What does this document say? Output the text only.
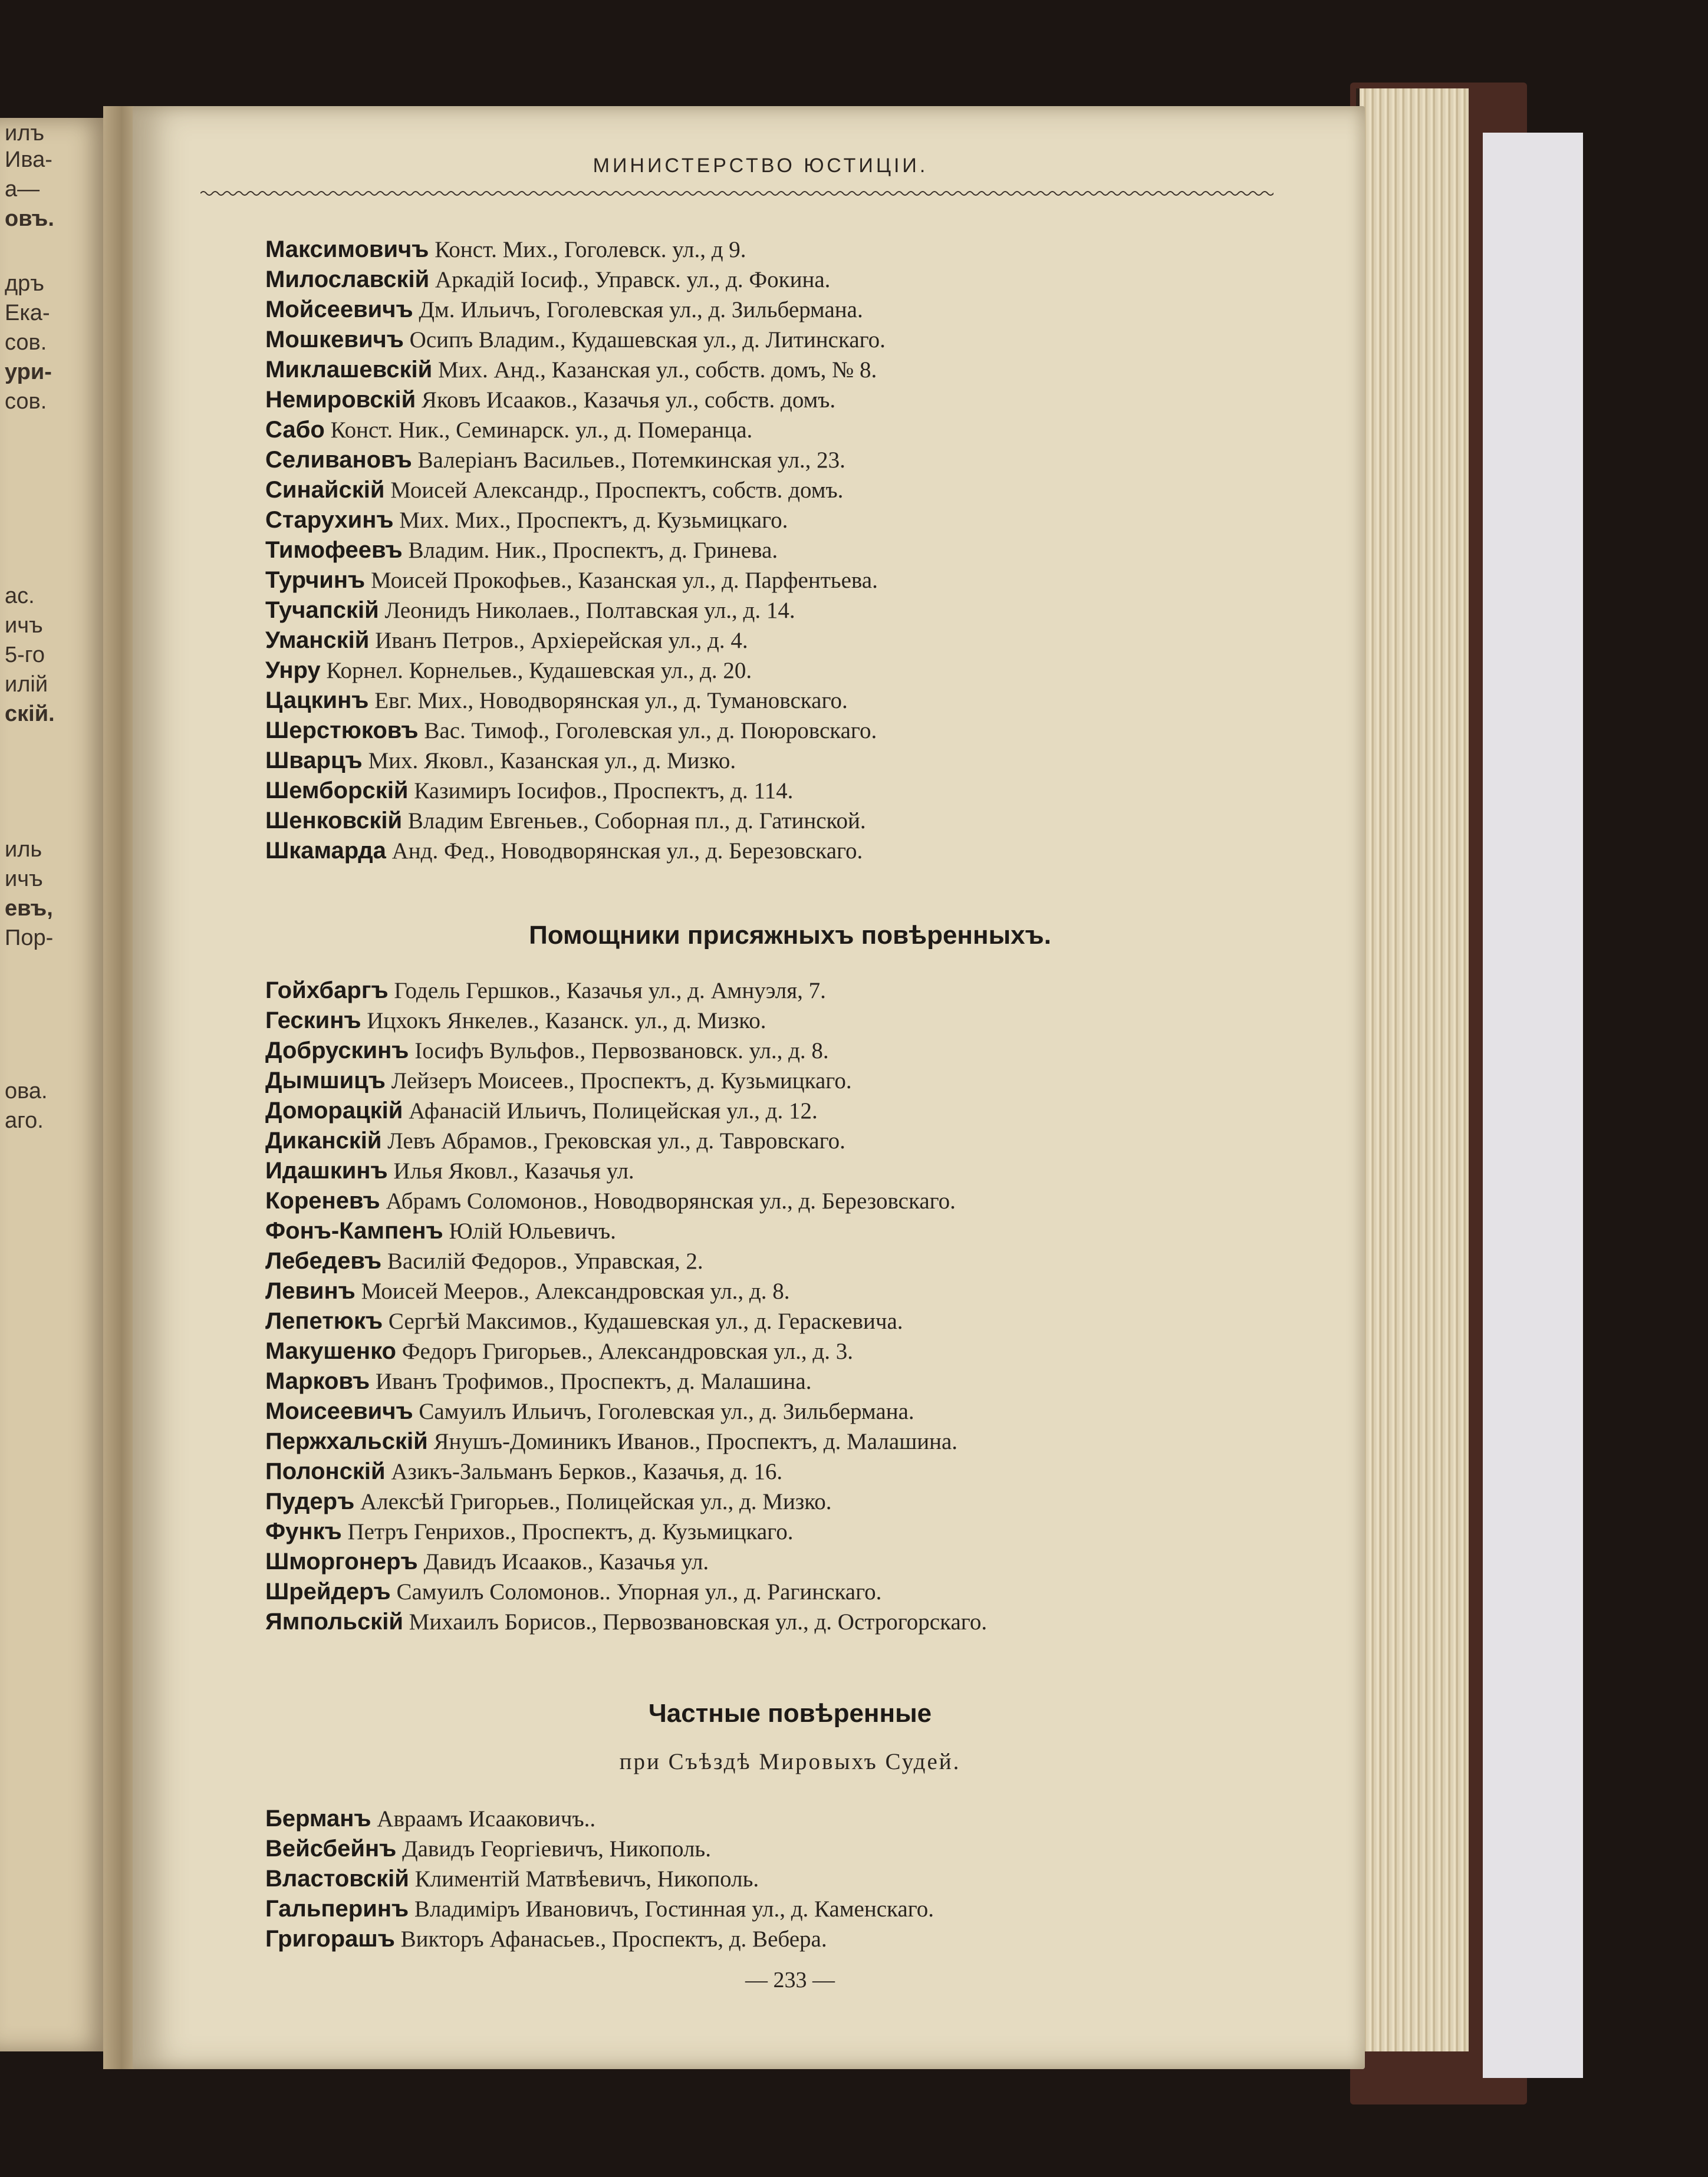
илъ
Ива-
а—
овъ.
дръ
Ека-
сов.
ури-
сов.
ас.
ичъ
5-го
илій
скій.
иль
ичъ
евъ,
Пор-
ова.
аго.
МИНИСТЕРСТВО ЮСТИЦІИ.
Максимовичъ Конст. Мих., Гоголевск. ул., д 9.
Милославскій Аркадій Іосиф., Управск. ул., д. Фокина.
Мойсеевичъ Дм. Ильичъ, Гоголевская ул., д. Зильбермана.
Мошкевичъ Осипъ Владим., Кудашевская ул., д. Литинскаго.
Миклашевскій Мих. Анд., Казанская ул., собств. домъ, № 8.
Немировскій Яковъ Исааков., Казачья ул., собств. домъ.
Сабо Конст. Ник., Семинарск. ул., д. Померанца.
Селивановъ Валеріанъ Васильев., Потемкинская ул., 23.
Синайскій Моисей Александр., Проспектъ, собств. домъ.
Старухинъ Мих. Мих., Проспектъ, д. Кузьмицкаго.
Тимофеевъ Владим. Ник., Проспектъ, д. Гринева.
Турчинъ Моисей Прокофьев., Казанская ул., д. Парфентьева.
Тучапскій Леонидъ Николаев., Полтавская ул., д. 14.
Уманскій Иванъ Петров., Архіерейская ул., д. 4.
Унру Корнел. Корнельев., Кудашевская ул., д. 20.
Цацкинъ Евг. Мих., Новодворянская ул., д. Тумановскаго.
Шерстюковъ Вас. Тимоф., Гоголевская ул., д. Поюровскаго.
Шварцъ Мих. Яковл., Казанская ул., д. Мизко.
Шемборскій Казимиръ Іосифов., Проспектъ, д. 114.
Шенковскій Владим Евгеньев., Соборная пл., д. Гатинской.
Шкамарда Анд. Фед., Новодворянская ул., д. Березовскаго.
Помощники присяжныхъ повѣренныхъ.
Гойхбаргъ Годель Гершков., Казачья ул., д. Амнуэля, 7.
Гескинъ Ицхокъ Янкелев., Казанск. ул., д. Мизко.
Добрускинъ Іосифъ Вульфов., Первозвановск. ул., д. 8.
Дымшицъ Лейзеръ Моисеев., Проспектъ, д. Кузьмицкаго.
Доморацкій Афанасій Ильичъ, Полицейская ул., д. 12.
Диканскій Левъ Абрамов., Грековская ул., д. Тавровскаго.
Идашкинъ Илья Яковл., Казачья ул.
Кореневъ Абрамъ Соломонов., Новодворянская ул., д. Березовскаго.
Фонъ-Кампенъ Юлій Юльевичъ.
Лебедевъ Василій Федоров., Управская, 2.
Левинъ Моисей Мееров., Александровская ул., д. 8.
Лепетюкъ Сергѣй Максимов., Кудашевская ул., д. Гераскевича.
Макушенко Федоръ Григорьев., Александровская ул., д. 3.
Марковъ Иванъ Трофимов., Проспектъ, д. Малашина.
Моисеевичъ Самуилъ Ильичъ, Гоголевская ул., д. Зильбермана.
Пержхальскій Янушъ-Доминикъ Иванов., Проспектъ, д. Малашина.
Полонскій Азикъ-Зальманъ Берков., Казачья, д. 16.
Пудеръ Алексѣй Григорьев., Полицейская ул., д. Мизко.
Функъ Петръ Генрихов., Проспектъ, д. Кузьмицкаго.
Шморгонеръ Давидъ Исааков., Казачья ул.
Шрейдеръ Самуилъ Соломонов.. Упорная ул., д. Рагинскаго.
Ямпольскій Михаилъ Борисов., Первозвановская ул., д. Острогорскаго.
Частные повѣренные
при Съѣздѣ Мировыхъ Судей.
Берманъ Авраамъ Исааковичъ..
Вейсбейнъ Давидъ Георгіевичъ, Никополь.
Властовскій Климентій Матвѣевичъ, Никополь.
Гальперинъ Владиміръ Ивановичъ, Гостинная ул., д. Каменскаго.
Григорашъ Викторъ Афанасьев., Проспектъ, д. Вебера.
— 233 —
